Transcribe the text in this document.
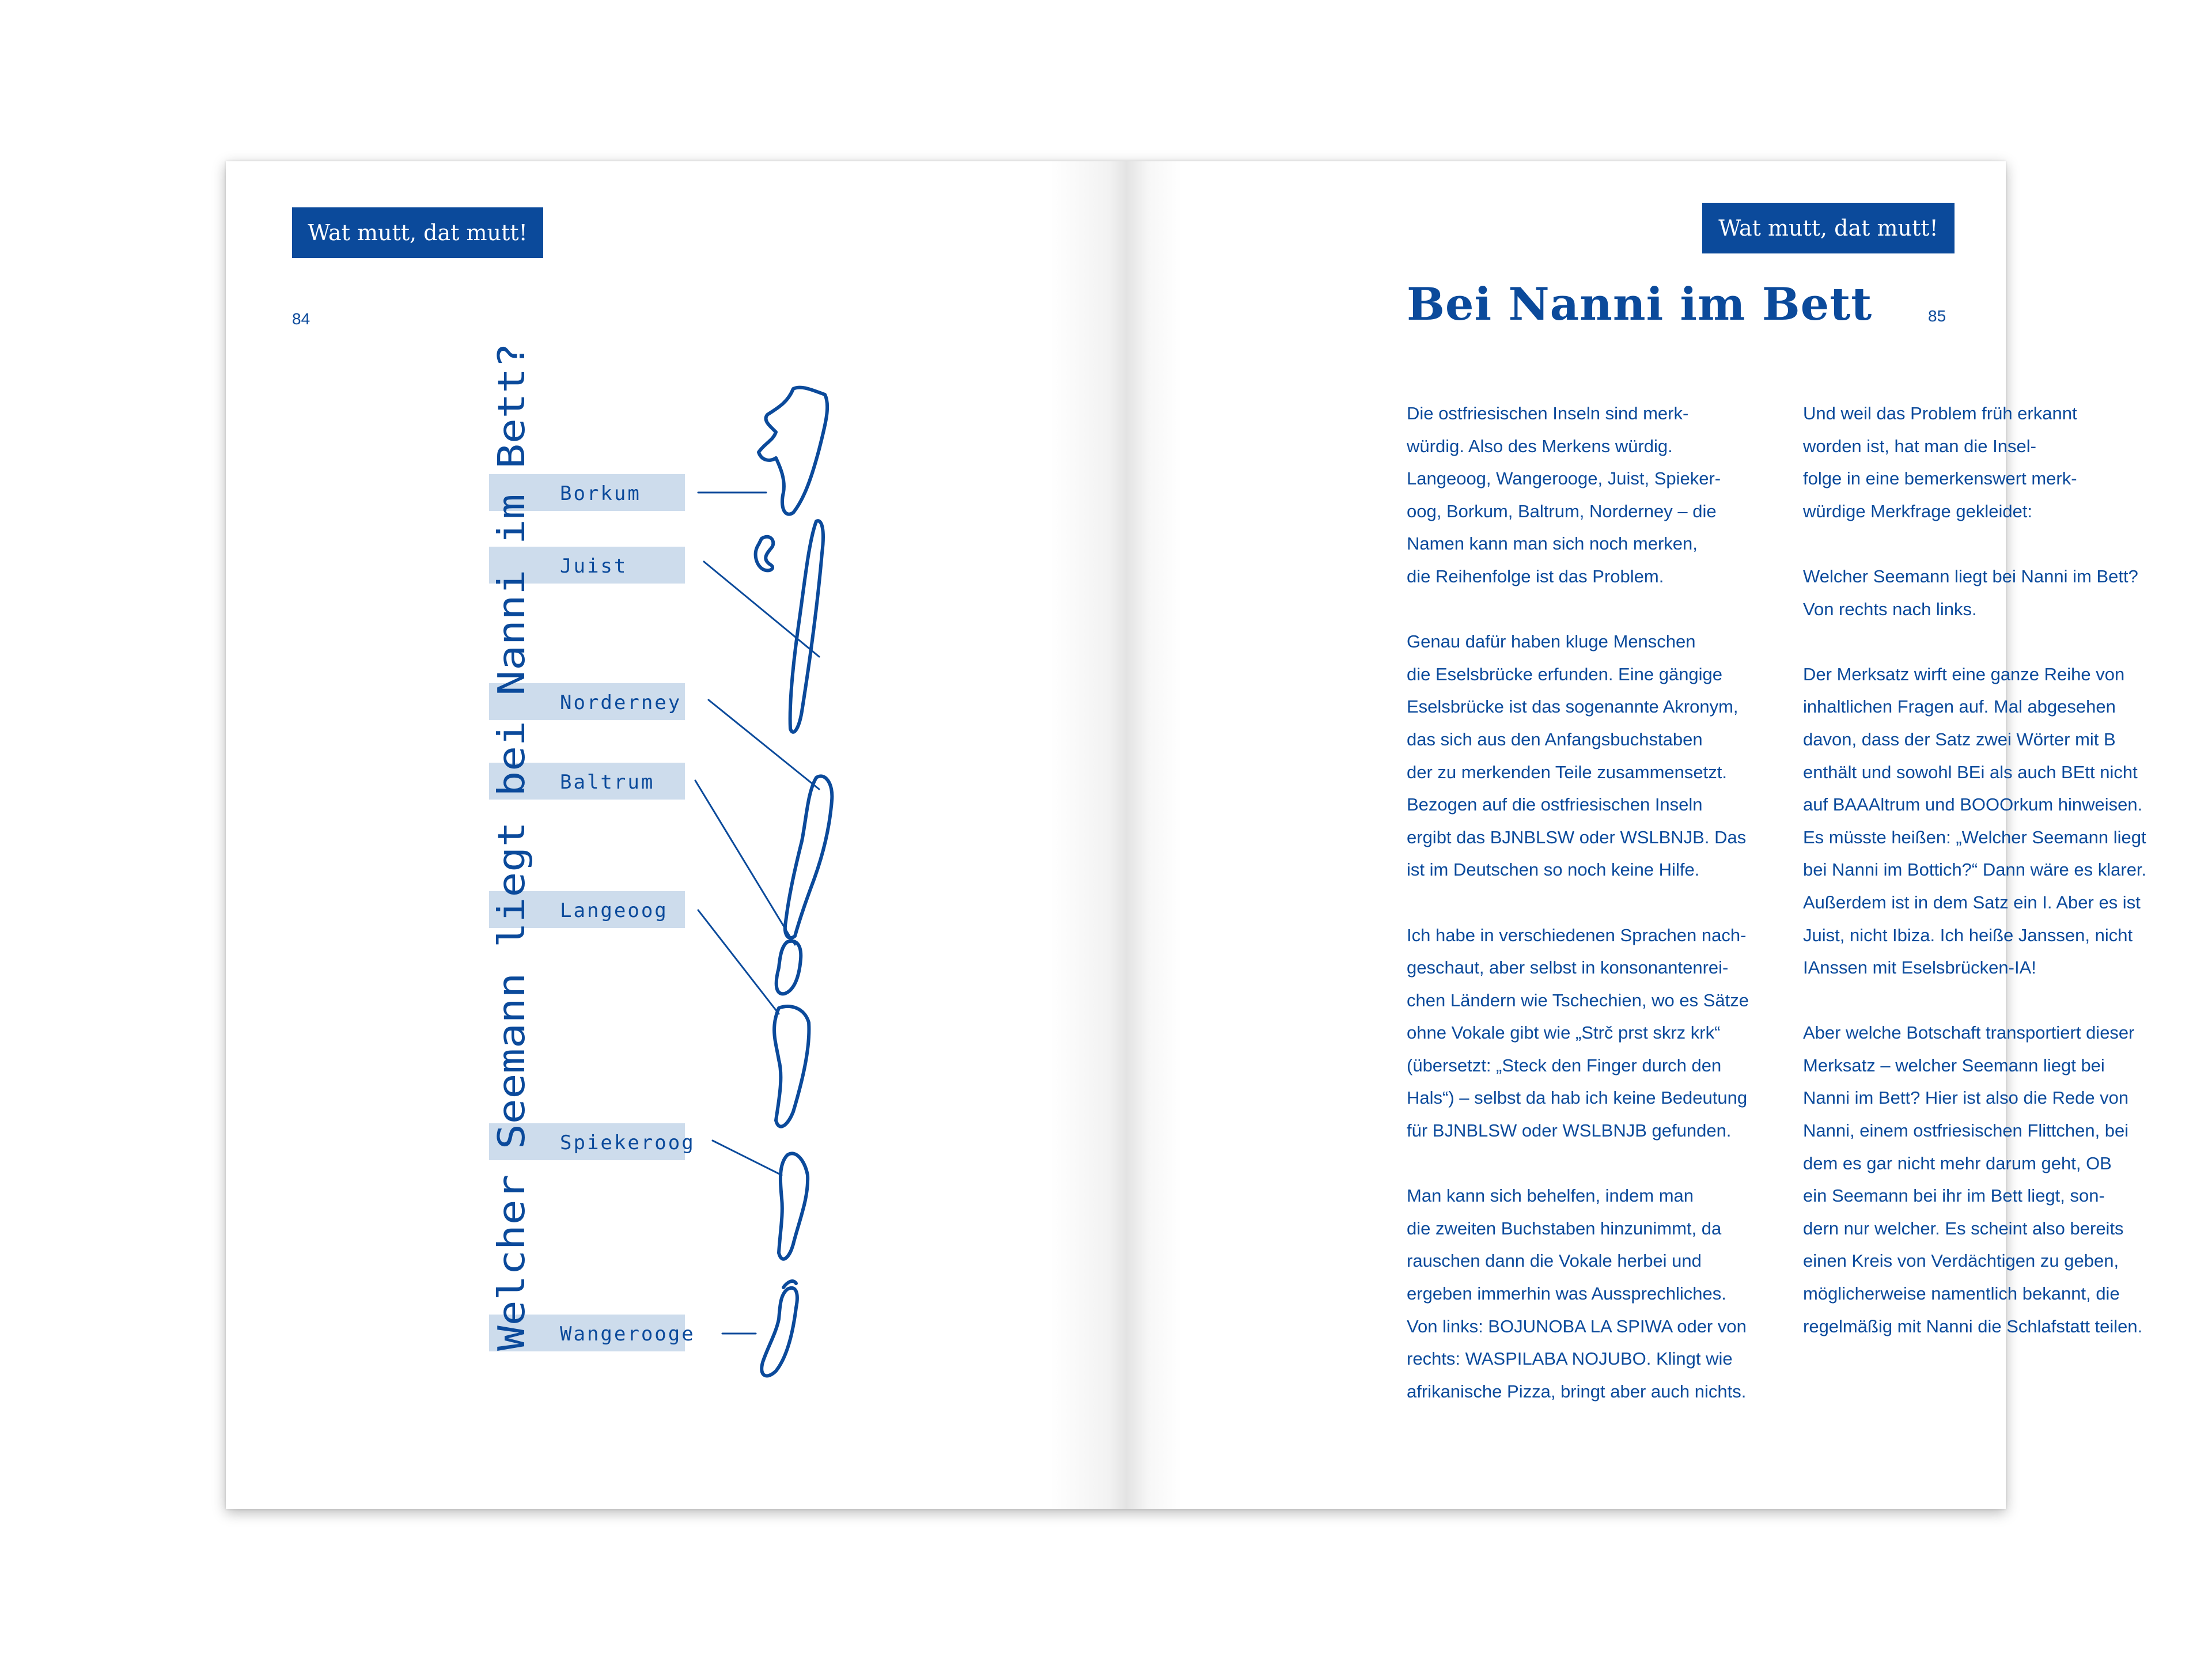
Wat mutt, dat mutt!
84
Welcher Seemann liegt bei Nanni im Bett? Borkum
Juist
Norderney
Baltrum
Langeoog
Spiekeroog
Wangerooge
Wat mutt, dat mutt!
Bei Nanni im Bett	85

Die ostfriesischen Inseln sind merk-
würdig. Also des Merkens würdig.
Langeoog, Wangerooge, Juist, Spieker-
oog, Borkum, Baltrum, Norderney – die
Namen kann man sich noch merken,
die Reihenfolge ist das Problem.

Genau dafür haben kluge Menschen
die Eselsbrücke erfunden. Eine gängige
Eselsbrücke ist das sogenannte Akronym,
das sich aus den Anfangsbuchstaben
der zu merkenden Teile zusammensetzt.
Bezogen auf die ostfriesischen Inseln
ergibt das BJNBLSW oder WSLBNJB. Das
ist im Deutschen so noch keine Hilfe.

Ich habe in verschiedenen Sprachen nach-
geschaut, aber selbst in konsonantenrei-
chen Ländern wie Tschechien, wo es Sätze
ohne Vokale gibt wie „Strč prst skrz krk“
(übersetzt: „Steck den Finger durch den
Hals“) – selbst da hab ich keine Bedeutung
für BJNBLSW oder WSLBNJB gefunden.

Man kann sich behelfen, indem man
die zweiten Buchstaben hinzunimmt, da
rauschen dann die Vokale herbei und
ergeben immerhin was Aussprechliches.
Von links: BOJUNOBA LA SPIWA oder von
rechts: WASPILABA NOJUBO. Klingt wie
afrikanische Pizza, bringt aber auch nichts.

Und weil das Problem früh erkannt
worden ist, hat man die Insel-
folge in eine bemerkenswert merk-
würdige Merkfrage gekleidet:

Welcher Seemann liegt bei Nanni im Bett?
Von rechts nach links.

Der Merksatz wirft eine ganze Reihe von
inhaltlichen Fragen auf. Mal abgesehen
davon, dass der Satz zwei Wörter mit B
enthält und sowohl BEi als auch BEtt nicht
auf BAAAltrum und BOOOrkum hinweisen.
Es müsste heißen: „Welcher Seemann liegt
bei Nanni im Bottich?“ Dann wäre es klarer.
Außerdem ist in dem Satz ein I. Aber es ist
Juist, nicht Ibiza. Ich heiße Janssen, nicht
IAnssen mit Eselsbrücken-IA!

Aber welche Botschaft transportiert dieser
Merksatz – welcher Seemann liegt bei
Nanni im Bett? Hier ist also die Rede von
Nanni, einem ostfriesischen Flittchen, bei
dem es gar nicht mehr darum geht, OB
ein Seemann bei ihr im Bett liegt, son-
dern nur welcher. Es scheint also bereits
einen Kreis von Verdächtigen zu geben,
möglicherweise namentlich bekannt, die
regelmäßig mit Nanni die Schlafstatt teilen.
